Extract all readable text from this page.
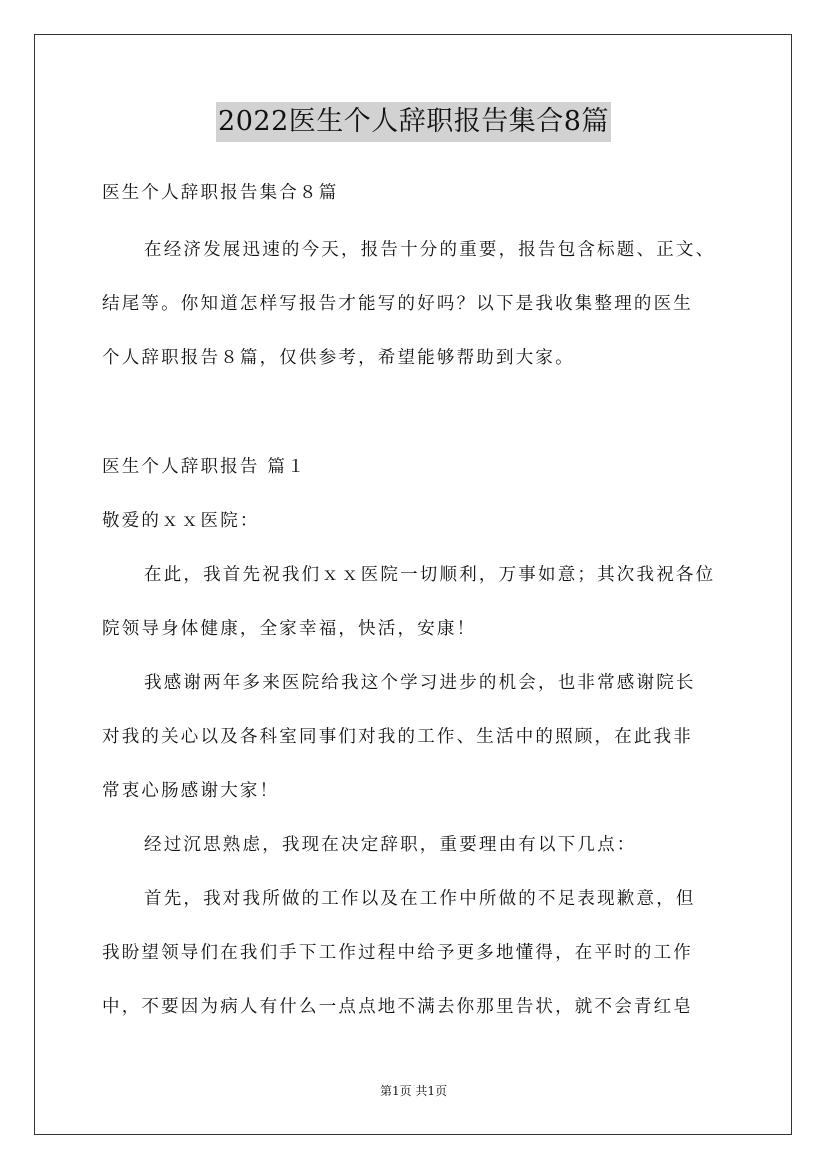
2022医生个人辞职报告集合8篇
医生个人辞职报告集合８篇
在经济发展迅速的今天，报告十分的重要，报告包含标题、正文、
结尾等。你知道怎样写报告才能写的好吗？以下是我收集整理的医生
个人辞职报告８篇，仅供参考，希望能够帮助到大家。
医生个人辞职报告 篇１
敬爱的ｘｘ医院：
在此，我首先祝我们ｘｘ医院一切顺利，万事如意；其次我祝各位
院领导身体健康，全家幸福，快活，安康！
我感谢两年多来医院给我这个学习进步的机会，也非常感谢院长
对我的关心以及各科室同事们对我的工作、生活中的照顾，在此我非
常衷心肠感谢大家！
经过沉思熟虑，我现在决定辞职，重要理由有以下几点：
首先，我对我所做的工作以及在工作中所做的不足表现歉意，但
我盼望领导们在我们手下工作过程中给予更多地懂得，在平时的工作
中，不要因为病人有什么一点点地不满去你那里告状，就不会青红皂
第1页 共1页
